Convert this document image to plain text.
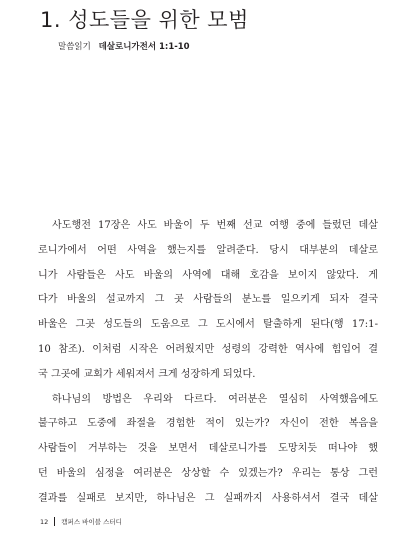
1. 성도들을 위한 모범
말씀읽기 데살로니가전서 1:1-10
사도행전 17장은 사도 바울이 두 번째 선교 여행 중에 들렀던 데살
로니가에서 어떤 사역을 했는지를 알려준다. 당시 대부분의 데살로
니가 사람들은 사도 바울의 사역에 대해 호감을 보이지 않았다. 게
다가 바울의 설교까지 그 곳 사람들의 분노를 일으키게 되자 결국
바울은 그곳 성도들의 도움으로 그 도시에서 탈출하게 된다(행 17:1-
10 참조). 이처럼 시작은 어려웠지만 성령의 강력한 역사에 힘입어 결
국 그곳에 교회가 세워져서 크게 성장하게 되었다.
하나님의 방법은 우리와 다르다. 여러분은 열심히 사역했음에도
불구하고 도중에 좌절을 경험한 적이 있는가? 자신이 전한 복음을
사람들이 거부하는 것을 보면서 데살로니가를 도망치듯 떠나야 했
던 바울의 심정을 여러분은 상상할 수 있겠는가? 우리는 통상 그런
결과를 실패로 보지만, 하나님은 그 실패까지 사용하셔서 결국 데살
12 캠퍼스 바이블 스터디
